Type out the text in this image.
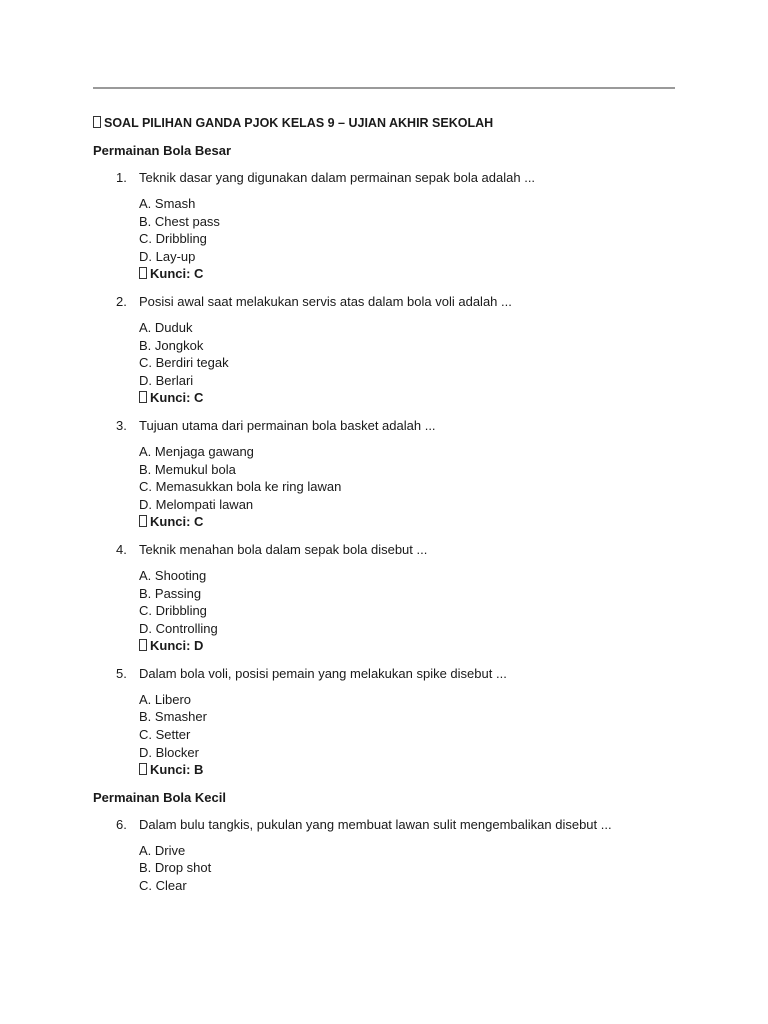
SOAL PILIHAN GANDA PJOK KELAS 9 – UJIAN AKHIR SEKOLAH
Permainan Bola Besar
1. Teknik dasar yang digunakan dalam permainan sepak bola adalah ...
A. Smash
B. Chest pass
C. Dribbling
D. Lay-up
Kunci: C
2. Posisi awal saat melakukan servis atas dalam bola voli adalah ...
A. Duduk
B. Jongkok
C. Berdiri tegak
D. Berlari
Kunci: C
3. Tujuan utama dari permainan bola basket adalah ...
A. Menjaga gawang
B. Memukul bola
C. Memasukkan bola ke ring lawan
D. Melompati lawan
Kunci: C
4. Teknik menahan bola dalam sepak bola disebut ...
A. Shooting
B. Passing
C. Dribbling
D. Controlling
Kunci: D
5. Dalam bola voli, posisi pemain yang melakukan spike disebut ...
A. Libero
B. Smasher
C. Setter
D. Blocker
Kunci: B
Permainan Bola Kecil
6. Dalam bulu tangkis, pukulan yang membuat lawan sulit mengembalikan disebut ...
A. Drive
B. Drop shot
C. Clear
